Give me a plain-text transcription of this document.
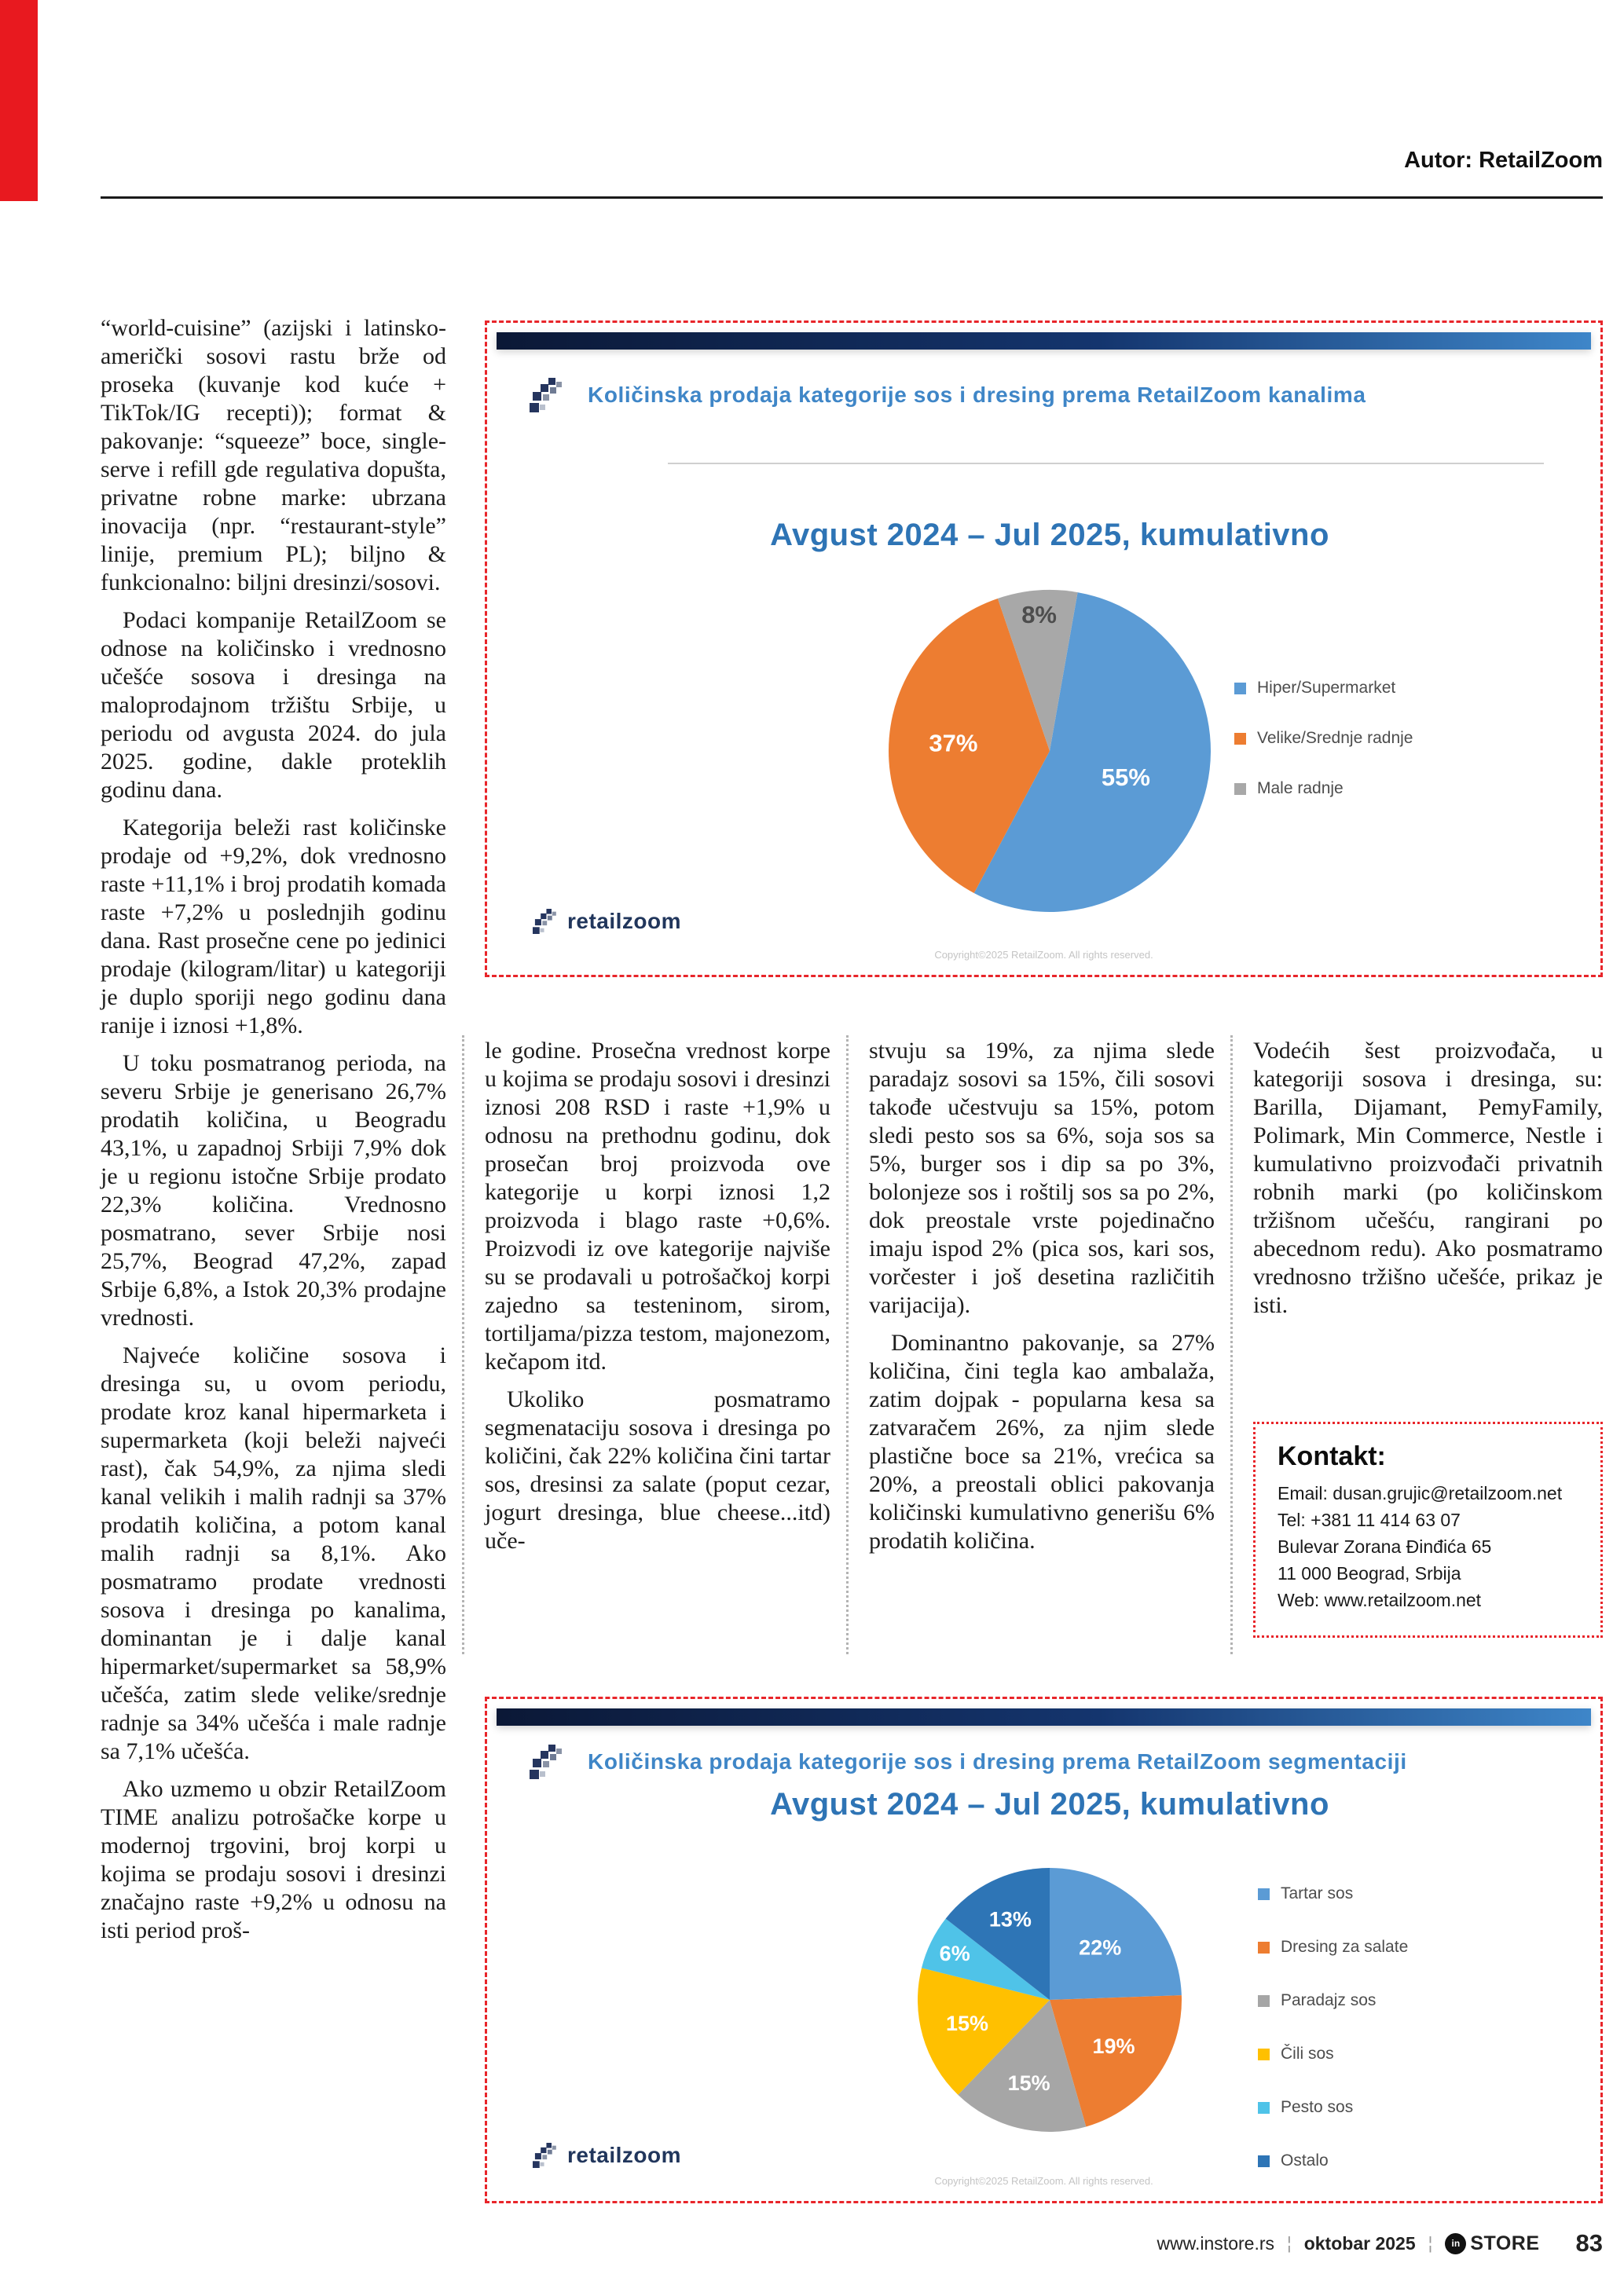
Autor: RetailZoom

“world-cuisine” (azijski i latinsko-američki sosovi rastu brže od proseka (kuvanje kod kuće + TikTok/IG recepti)); format & pakovanje: “squeeze” boce, single-serve i refill gde regulativa dopušta, privatne robne marke: ubrzana inovacija (npr. “restaurant-style” linije, premium PL); biljno & funkcionalno: biljni dresinzi/sosovi.

Podaci kompanije RetailZoom se odnose na količinsko i vrednosno učešće sosova i dresinga na maloprodajnom tržištu Srbije, u periodu od avgusta 2024. do jula 2025. godine, dakle proteklih godinu dana.

Kategorija beleži rast količinske prodaje od +9,2%, dok vrednosno raste +11,1% i broj prodatih komada raste +7,2% u poslednjih godinu dana. Rast prosečne cene po jedinici prodaje (kilogram/litar) u kategoriji je duplo sporiji nego godinu dana ranije i iznosi +1,8%.

U toku posmatranog perioda, na severu Srbije je generisano 26,7% prodatih količina, u Beogradu 43,1%, u zapadnoj Srbiji 7,9% dok je u regionu istočne Srbije prodato 22,3% količina. Vrednosno posmatrano, sever Srbije nosi 25,7%, Beograd 47,2%, zapad Srbije 6,8%, a Istok 20,3% prodajne vrednosti.

Najveće količine sosova i dresinga su, u ovom periodu, prodate kroz kanal hipermarketa i supermarketa (koji beleži najveći rast), čak 54,9%, za njima sledi kanal velikih i malih radnji sa 37% prodatih količina, a potom kanal malih radnji sa 8,1%. Ako posmatramo prodate vrednosti sosova i dresinga po kanalima, dominantan je i dalje kanal hipermarket/supermarket sa 58,9% učešća, zatim slede velike/srednje radnje sa 34% učešća i male radnje sa 7,1% učešća.

Ako uzmemo u obzir RetailZoom TIME analizu potrošačke korpe u modernoj trgovini, broj korpi u kojima se prodaju sosovi i dresinzi značajno raste +9,2% u odnosu na isti period proš-

Količinska prodaja kategorije sos i dresing prema RetailZoom kanalima
Avgust 2024 – Jul 2025, kumulativno
55%
37%
8%
Hiper/Supermarket
Velike/Srednje radnje
Male radnje
retailzoom
Copyright©2025 RetailZoom. All rights reserved.

le godine. Prosečna vrednost korpe u kojima se prodaju sosovi i dresinzi iznosi 208 RSD i raste +1,9% u odnosu na prethodnu godinu, dok prosečan broj proizvoda ove kategorije u korpi iznosi 1,2 proizvoda i blago raste +0,6%. Proizvodi iz ove kategorije najviše su se prodavali u potrošačkoj korpi zajedno sa testeninom, sirom, tortiljama/pizza testom, majonezom, kečapom itd.

Ukoliko posmatramo segmenataciju sosova i dresinga po količini, čak 22% količina čini tartar sos, dresinsi za salate (poput cezar, jogurt dresinga, blue cheese...itd) uče-

stvuju sa 19%, za njima slede paradajz sosovi sa 15%, čili sosovi takođe učestvuju sa 15%, potom sledi pesto sos sa 6%, soja sos sa 5%, burger sos i dip sa po 3%, bolonjeze sos i roštilj sos sa po 2%, dok preostale vrste pojedinačno imaju ispod 2% (pica sos, kari sos, vorčester i još desetina različitih varijacija).

Dominantno pakovanje, sa 27% količina, čini tegla kao ambalaža, zatim dojpak - popularna kesa sa zatvaračem 26%, za njim slede plastične boce sa 21%, vrećica sa 20%, a preostali oblici pakovanja količinski kumulativno generišu 6% prodatih količina.

Vodećih šest proizvođača, u kategoriji sosova i dresinga, su: Barilla, Dijamant, PemyFamily, Polimark, Min Commerce, Nestle i kumulativno proizvođači privatnih robnih marki (po količinskom tržišnom učešću, rangirani po abecednom redu). Ako posmatramo vrednosno tržišno učešće, prikaz je isti.

Kontakt:
Email: dusan.grujic@retailzoom.net
Tel: +381 11 414 63 07
Bulevar Zorana Đinđića 65
11 000 Beograd, Srbija
Web: www.retailzoom.net
Količinska prodaja kategorije sos i dresing prema RetailZoom segmentaciji
Avgust 2024 – Jul 2025, kumulativno
22%
19%
15%
15%
6%
13%
Tartar sos
Dresing za salate
Paradajz sos
Čili sos
Pesto sos
Ostalo
retailzoom
Copyright©2025 RetailZoom. All rights reserved.
www.instore.rs ¦ oktobar 2025 ¦	in STORE 83
